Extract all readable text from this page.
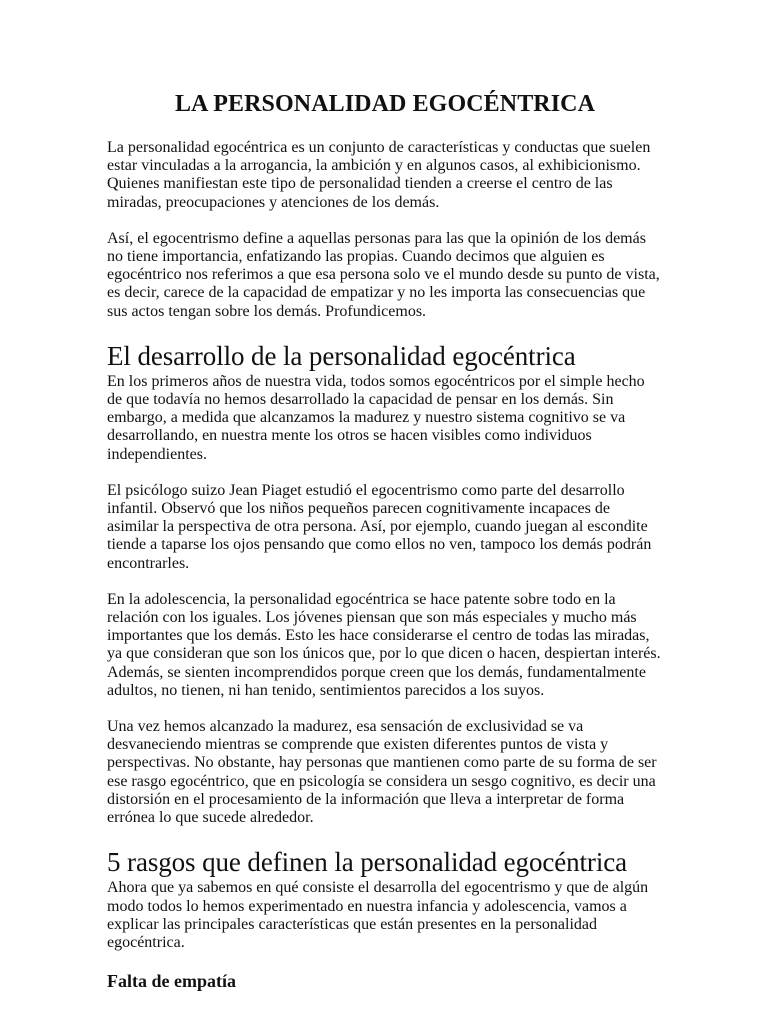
LA PERSONALIDAD EGOCÉNTRICA

La personalidad egocéntrica es un conjunto de características y conductas que suelen estar vinculadas a la arrogancia, la ambición y en algunos casos, al exhibicionismo. Quienes manifiestan este tipo de personalidad tienden a creerse el centro de las miradas, preocupaciones y atenciones de los demás.

Así, el egocentrismo define a aquellas personas para las que la opinión de los demás no tiene importancia, enfatizando las propias. Cuando decimos que alguien es egocéntrico nos referimos a que esa persona solo ve el mundo desde su punto de vista, es decir, carece de la capacidad de empatizar y no les importa las consecuencias que sus actos tengan sobre los demás. Profundicemos.

El desarrollo de la personalidad egocéntrica

En los primeros años de nuestra vida, todos somos egocéntricos por el simple hecho de que todavía no hemos desarrollado la capacidad de pensar en los demás. Sin embargo, a medida que alcanzamos la madurez y nuestro sistema cognitivo se va desarrollando, en nuestra mente los otros se hacen visibles como individuos independientes.

El psicólogo suizo Jean Piaget estudió el egocentrismo como parte del desarrollo infantil. Observó que los niños pequeños parecen cognitivamente incapaces de asimilar la perspectiva de otra persona. Así, por ejemplo, cuando juegan al escondite tiende a taparse los ojos pensando que como ellos no ven, tampoco los demás podrán encontrarles.

En la adolescencia, la personalidad egocéntrica se hace patente sobre todo en la relación con los iguales. Los jóvenes piensan que son más especiales y mucho más importantes que los demás. Esto les hace considerarse el centro de todas las miradas, ya que consideran que son los únicos que, por lo que dicen o hacen, despiertan interés. Además, se sienten incomprendidos porque creen que los demás, fundamentalmente adultos, no tienen, ni han tenido, sentimientos parecidos a los suyos.

Una vez hemos alcanzado la madurez, esa sensación de exclusividad se va desvaneciendo mientras se comprende que existen diferentes puntos de vista y perspectivas. No obstante, hay personas que mantienen como parte de su forma de ser ese rasgo egocéntrico, que en psicología se considera un sesgo cognitivo, es decir una distorsión en el procesamiento de la información que lleva a interpretar de forma errónea lo que sucede alrededor.

5 rasgos que definen la personalidad egocéntrica

Ahora que ya sabemos en qué consiste el desarrolla del egocentrismo y que de algún modo todos lo hemos experimentado en nuestra infancia y adolescencia, vamos a explicar las principales características que están presentes en la personalidad egocéntrica.

Falta de empatía
